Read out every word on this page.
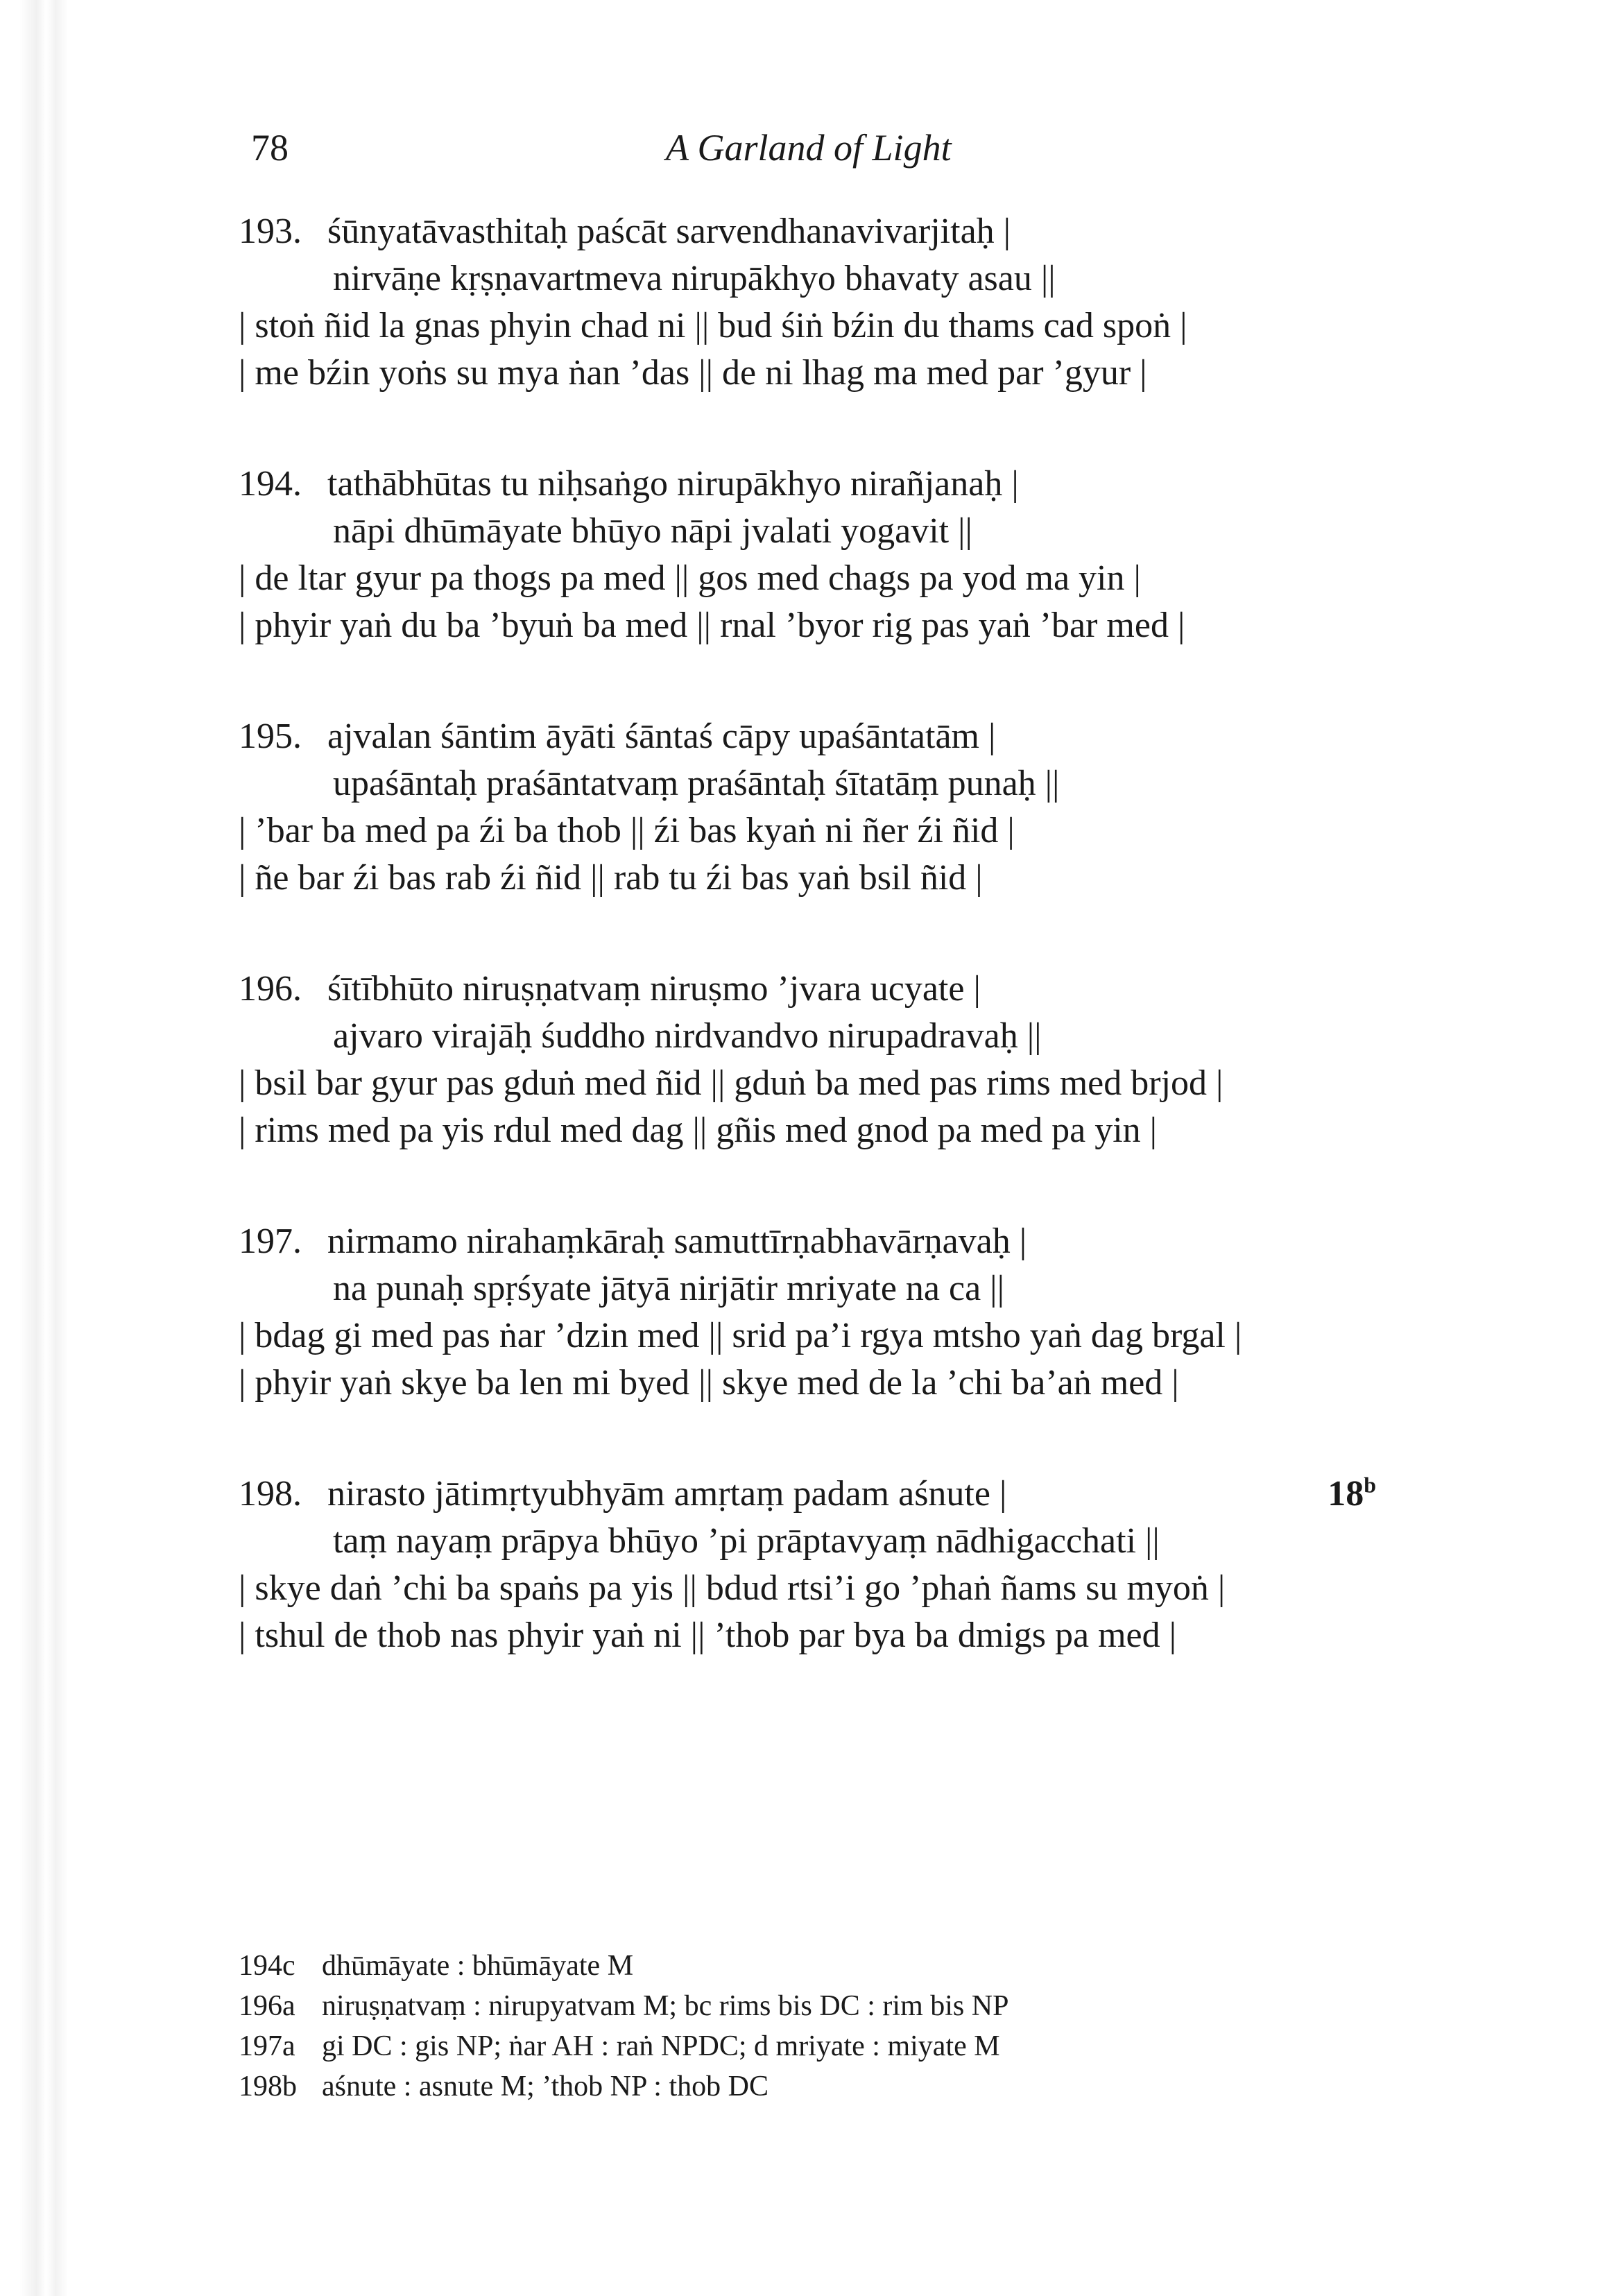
78	A Garland of Light
193. śūnyatāvasthitaḥ paścāt sarvendhanavivarjitaḥ |
nirvāṇe kṛṣṇavartmeva nirupākhyo bhavaty asau ||
| stoṅ ñid la gnas phyin chad ni || bud śiṅ bźin du thams cad spoṅ |
| me bźin yoṅs su mya ṅan ’das || de ni lhag ma med par ’gyur |
194. tathābhūtas tu niḥsaṅgo nirupākhyo nirañjanaḥ |
nāpi dhūmāyate bhūyo nāpi jvalati yogavit ||
| de ltar gyur pa thogs pa med || gos med chags pa yod ma yin |
| phyir yaṅ du ba ’byuṅ ba med || rnal ’byor rig pas yaṅ ’bar med |
195. ajvalan śāntim āyāti śāntaś cāpy upaśāntatām |
upaśāntaḥ praśāntatvaṃ praśāntaḥ śītatāṃ punaḥ ||
| ’bar ba med pa źi ba thob || źi bas kyaṅ ni ñer źi ñid |
| ñe bar źi bas rab źi ñid || rab tu źi bas yaṅ bsil ñid |
196. śītībhūto niruṣṇatvaṃ niruṣmo ’jvara ucyate |
ajvaro virajāḥ śuddho nirdvandvo nirupadravaḥ ||
| bsil bar gyur pas gduṅ med ñid || gduṅ ba med pas rims med brjod |
| rims med pa yis rdul med dag || gñis med gnod pa med pa yin |
197. nirmamo nirahaṃkāraḥ samuttīrṇabhavārṇavaḥ |
na punaḥ spṛśyate jātyā nirjātir mriyate na ca ||
| bdag gi med pas ṅar ’dzin med || srid pa’i rgya mtsho yaṅ dag brgal |
| phyir yaṅ skye ba len mi byed || skye med de la ’chi ba’aṅ med |
198. nirasto jātimṛtyubhyām amṛtaṃ padam aśnute |	18$^b$
taṃ nayaṃ prāpya bhūyo ’pi prāptavyaṃ nādhigacchati ||
| skye daṅ ’chi ba spaṅs pa yis || bdud rtsi’i go ’phaṅ ñams su myoṅ |
| tshul de thob nas phyir yaṅ ni || ’thob par bya ba dmigs pa med |
194c dhūmāyate : bhūmāyate M
196a niruṣṇatvaṃ : nirupyatvam M; bc rims bis DC : rim bis NP
197a gi DC : gis NP; ṅar AH : raṅ NPDC; d mriyate : miyate M
198b aśnute : asnute M; ’thob NP : thob DC
